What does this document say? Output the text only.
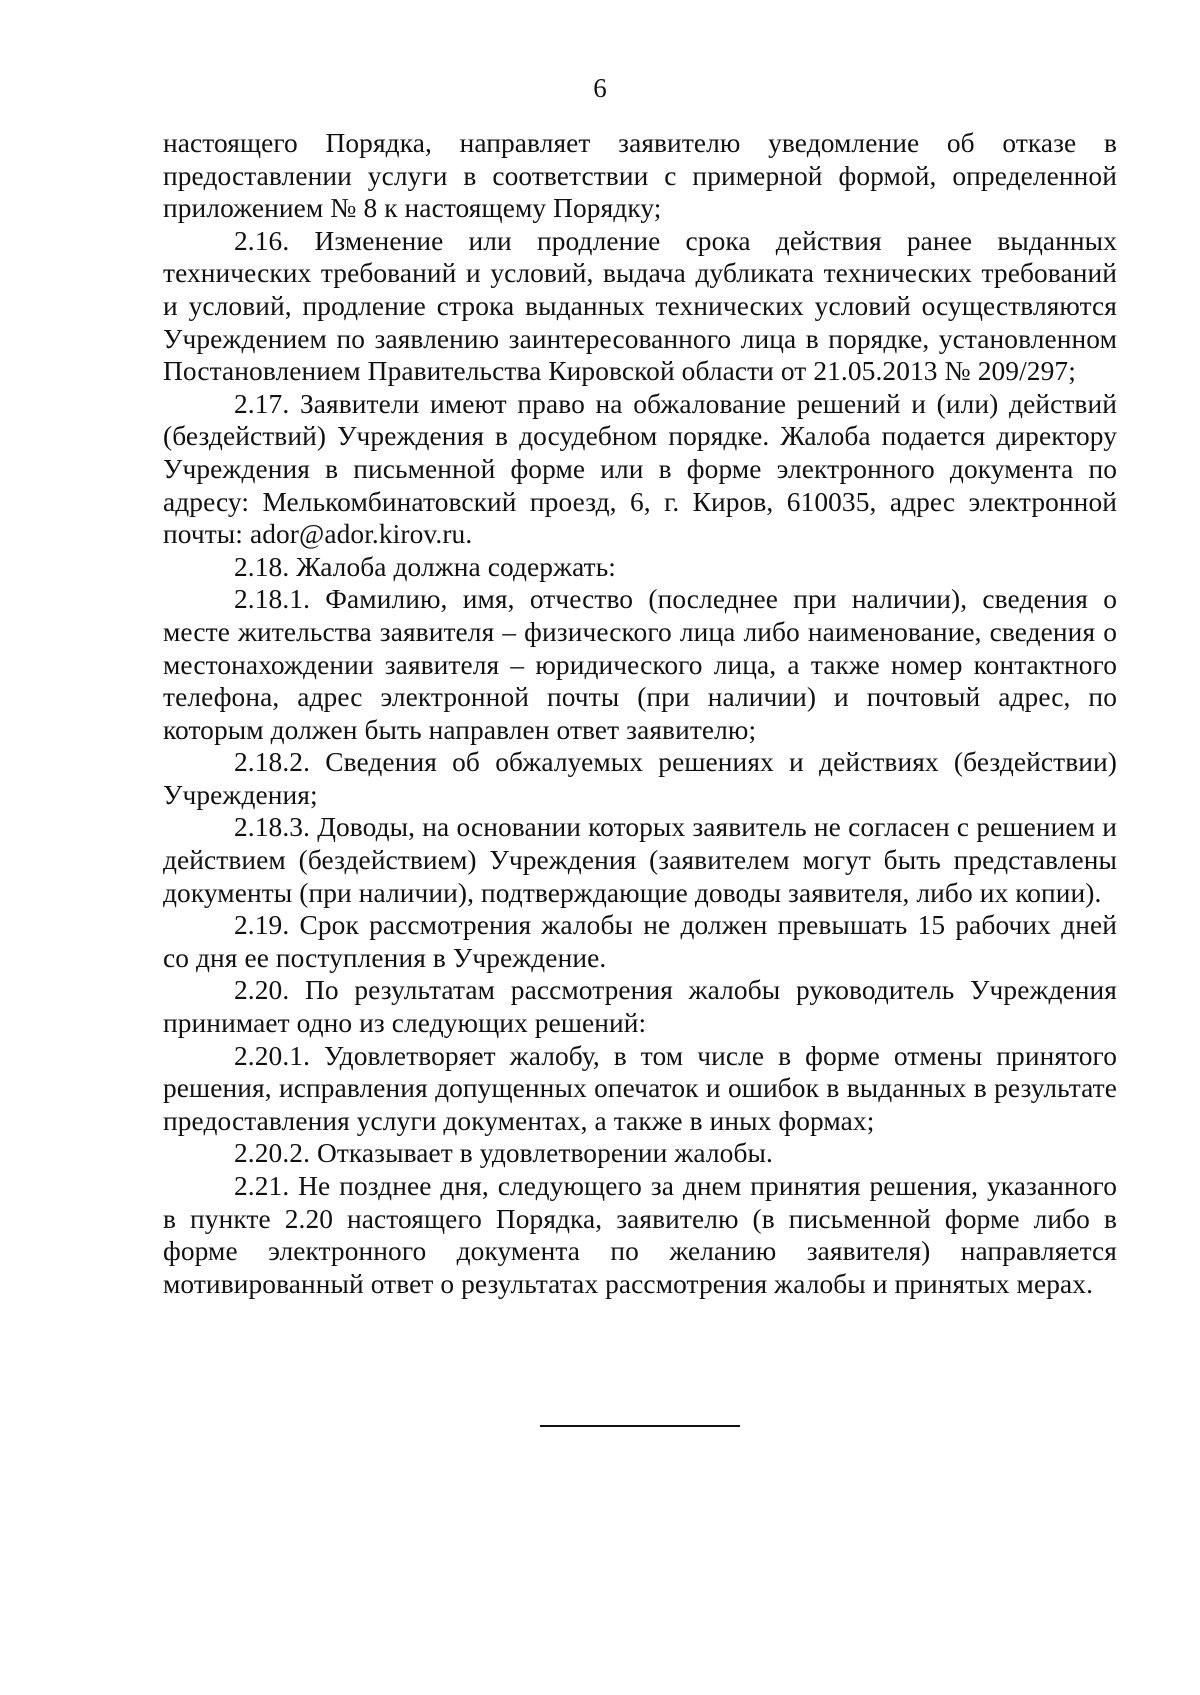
6

настоящего Порядка, направляет заявителю уведомление об отказе в предоставлении услуги в соответствии с примерной формой, определенной приложением № 8 к настоящему Порядку;

2.16. Изменение или продление срока действия ранее выданных технических требований и условий, выдача дубликата технических требований и условий, продление строка выданных технических условий осуществляются Учреждением по заявлению заинтересованного лица в порядке, установленном Постановлением Правительства Кировской области от 21.05.2013 № 209/297;

2.17. Заявители имеют право на обжалование решений и (или) действий (бездействий) Учреждения в досудебном порядке. Жалоба подается директору Учреждения в письменной форме или в форме электронного документа по адресу: Мелькомбинатовский проезд, 6, г. Киров, 610035, адрес электронной почты: ador@ador.kirov.ru.

2.18. Жалоба должна содержать:

2.18.1. Фамилию, имя, отчество (последнее при наличии), сведения о месте жительства заявителя – физического лица либо наименование, сведения о местонахождении заявителя – юридического лица, а также номер контактного телефона, адрес электронной почты (при наличии) и почтовый адрес, по которым должен быть направлен ответ заявителю;

2.18.2. Сведения об обжалуемых решениях и действиях (бездействии) Учреждения;

2.18.3. Доводы, на основании которых заявитель не согласен с решением и действием (бездействием) Учреждения (заявителем могут быть представлены документы (при наличии), подтверждающие доводы заявителя, либо их копии).

2.19. Срок рассмотрения жалобы не должен превышать 15 рабочих дней со дня ее поступления в Учреждение.

2.20. По результатам рассмотрения жалобы руководитель Учреждения принимает одно из следующих решений:

2.20.1. Удовлетворяет жалобу, в том числе в форме отмены принятого решения, исправления допущенных опечаток и ошибок в выданных в результате предоставления услуги документах, а также в иных формах;

2.20.2. Отказывает в удовлетворении жалобы.

2.21. Не позднее дня, следующего за днем принятия решения, указанного в пункте 2.20 настоящего Порядка, заявителю (в письменной форме либо в форме электронного документа по желанию заявителя) направляется мотивированный ответ о результатах рассмотрения жалобы и принятых мерах.
